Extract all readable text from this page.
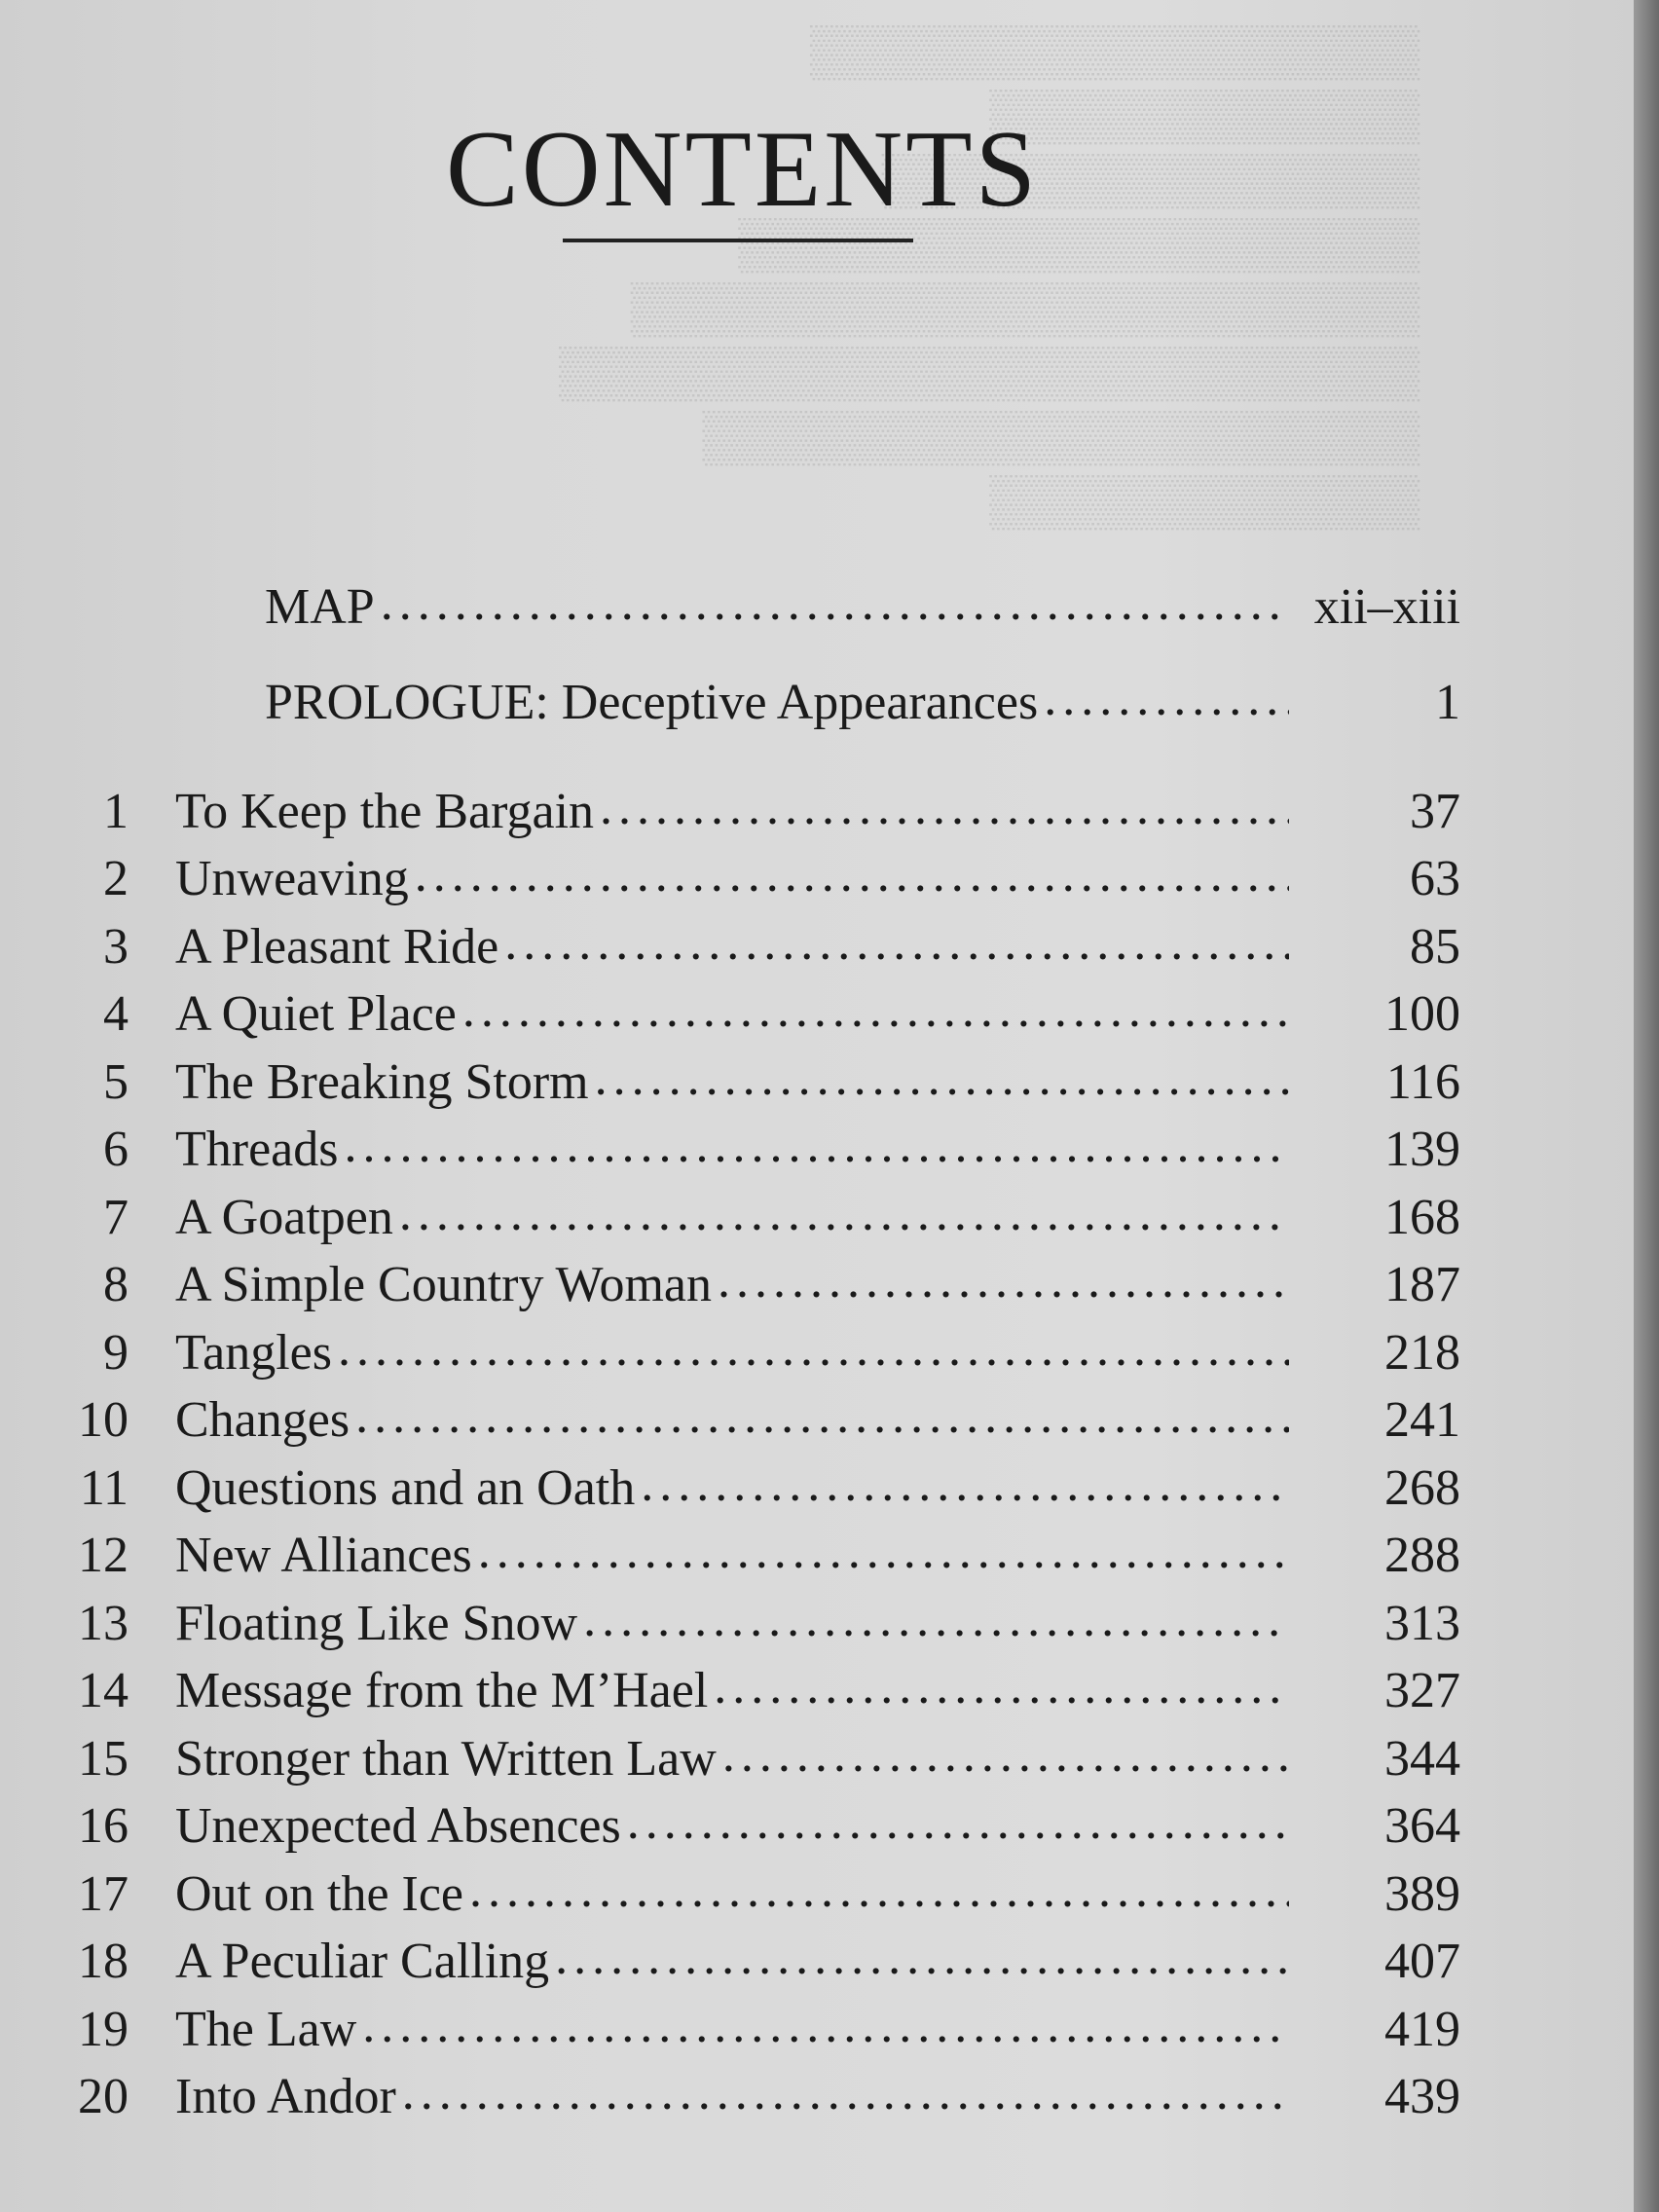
▒▒▒▒▒▒▒▒▒▒▒▒▒▒▒▒▒
▒▒▒▒▒▒▒▒▒▒▒▒
▒▒▒▒▒▒▒▒▒▒▒▒▒▒▒
▒▒▒▒▒▒▒▒▒▒▒▒▒▒▒▒▒▒▒
▒▒▒▒▒▒▒▒▒▒▒▒▒▒▒▒▒▒▒▒▒▒
▒▒▒▒▒▒▒▒▒▒▒▒▒▒▒▒▒▒▒▒▒▒▒▒
▒▒▒▒▒▒▒▒▒▒▒▒▒▒▒▒▒▒▒▒
▒▒▒▒▒▒▒▒▒▒▒▒
CONTENTS
MAP .....	xii–xiii
PROLOGUE: Deceptive Appearances .....	1
1 To Keep the Bargain .....	37
2 Unweaving .....	63
3 A Pleasant Ride .....	85
4 A Quiet Place .....	100
5 The Breaking Storm .....	116
6 Threads .....	139
7 A Goatpen .....	168
8 A Simple Country Woman .....	187
9 Tangles .....	218
10 Changes .....	241
11 Questions and an Oath .....	268
12 New Alliances .....	288
13 Floating Like Snow .....	313
14 Message from the M’Hael .....	327
15 Stronger than Written Law .....	344
16 Unexpected Absences .....	364
17 Out on the Ice .....	389
18 A Peculiar Calling .....	407
19 The Law .....	419
20 Into Andor .....	439
